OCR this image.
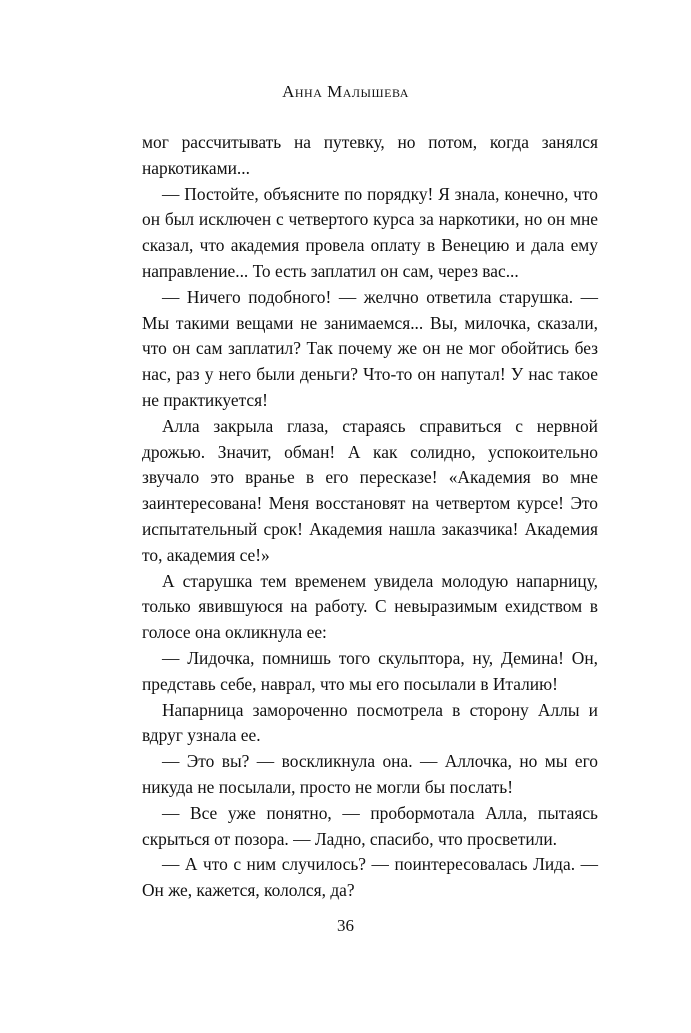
Анна Малышева

мог рассчитывать на путевку, но потом, когда занялся наркотиками...

— Постойте, объясните по порядку! Я знала, конечно, что он был исключен с четвертого курса за наркотики, но он мне сказал, что академия провела оплату в Венецию и дала ему направление... То есть заплатил он сам, через вас...

— Ничего подобного! — желчно ответила старушка. — Мы такими вещами не занимаемся... Вы, милочка, сказали, что он сам заплатил? Так почему же он не мог обойтись без нас, раз у него были деньги? Что-то он напутал! У нас такое не практикуется!

Алла закрыла глаза, стараясь справиться с нервной дрожью. Значит, обман! А как солидно, успокоительно звучало это вранье в его пересказе! «Академия во мне заинтересована! Меня восстановят на четвертом курсе! Это испытательный срок! Академия нашла заказчика! Академия то, академия се!»

А старушка тем временем увидела молодую напарницу, только явившуюся на работу. С невыразимым ехидством в голосе она окликнула ее:

— Лидочка, помнишь того скульптора, ну, Демина! Он, представь себе, наврал, что мы его посылали в Италию!

Напарница замороченно посмотрела в сторону Аллы и вдруг узнала ее.

— Это вы? — воскликнула она. — Аллочка, но мы его никуда не посылали, просто не могли бы послать!

— Все уже понятно, — пробормотала Алла, пытаясь скрыться от позора. — Ладно, спасибо, что просветили.

— А что с ним случилось? — поинтересовалась Лида. — Он же, кажется, кололся, да?

36
